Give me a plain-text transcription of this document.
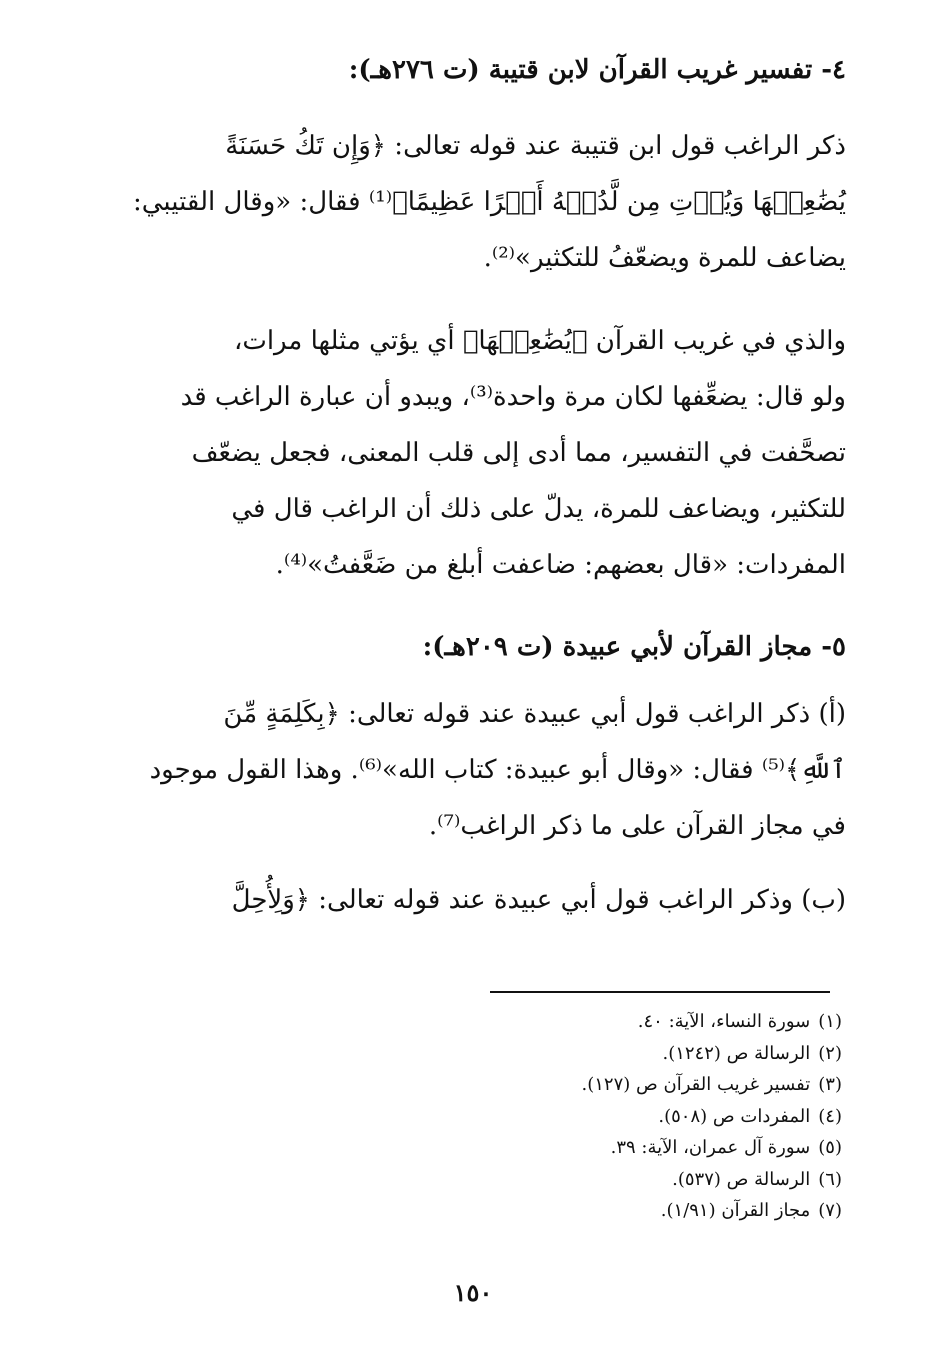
٤- تفسير غريب القرآن لابن قتيبة (ت ٢٧٦هـ):
ذكر الراغب قول ابن قتيبة عند قوله تعالى: ﴿وَإِن تَكُ حَسَنَةً
يُضَٰعِفۡهَا وَيُؤۡتِ مِن لَّدُنۡهُ أَجۡرًا عَظِيمًا﴾⁽¹⁾ فقال: «وقال القتيبي:
يضاعف للمرة ويضعّفُ للتكثير»⁽²⁾.
والذي في غريب القرآن ﴿يُضَٰعِفۡهَا﴾ أي يؤتي مثلها مرات،
ولو قال: يضعِّفها لكان مرة واحدة⁽³⁾، ويبدو أن عبارة الراغب قد
تصحَّفت في التفسير، مما أدى إلى قلب المعنى، فجعل يضعّف
للتكثير، ويضاعف للمرة، يدلّ على ذلك أن الراغب قال في
المفردات: «قال بعضهم: ضاعفت أبلغ من ضَعَّفتُ»⁽⁴⁾.
٥- مجاز القرآن لأبي عبيدة (ت ٢٠٩هـ):
(أ) ذكر الراغب قول أبي عبيدة عند قوله تعالى: ﴿بِكَلِمَةٍ مِّنَ
ٱللَّهِ﴾⁽⁵⁾ فقال: «وقال أبو عبيدة: كتاب الله»⁽⁶⁾. وهذا القول موجود
في مجاز القرآن على ما ذكر الراغب⁽⁷⁾.
(ب) وذكر الراغب قول أبي عبيدة عند قوله تعالى: ﴿وَلِأُحِلَّ
(١)سورة النساء، الآية: ٤٠.
(٢)الرسالة ص (١٢٤٢).
(٣)تفسير غريب القرآن ص (١٢٧).
(٤)المفردات ص (٥٠٨).
(٥)سورة آل عمران، الآية: ٣٩.
(٦)الرسالة ص (٥٣٧).
(٧)مجاز القرآن (١/٩١).
١٥٠
